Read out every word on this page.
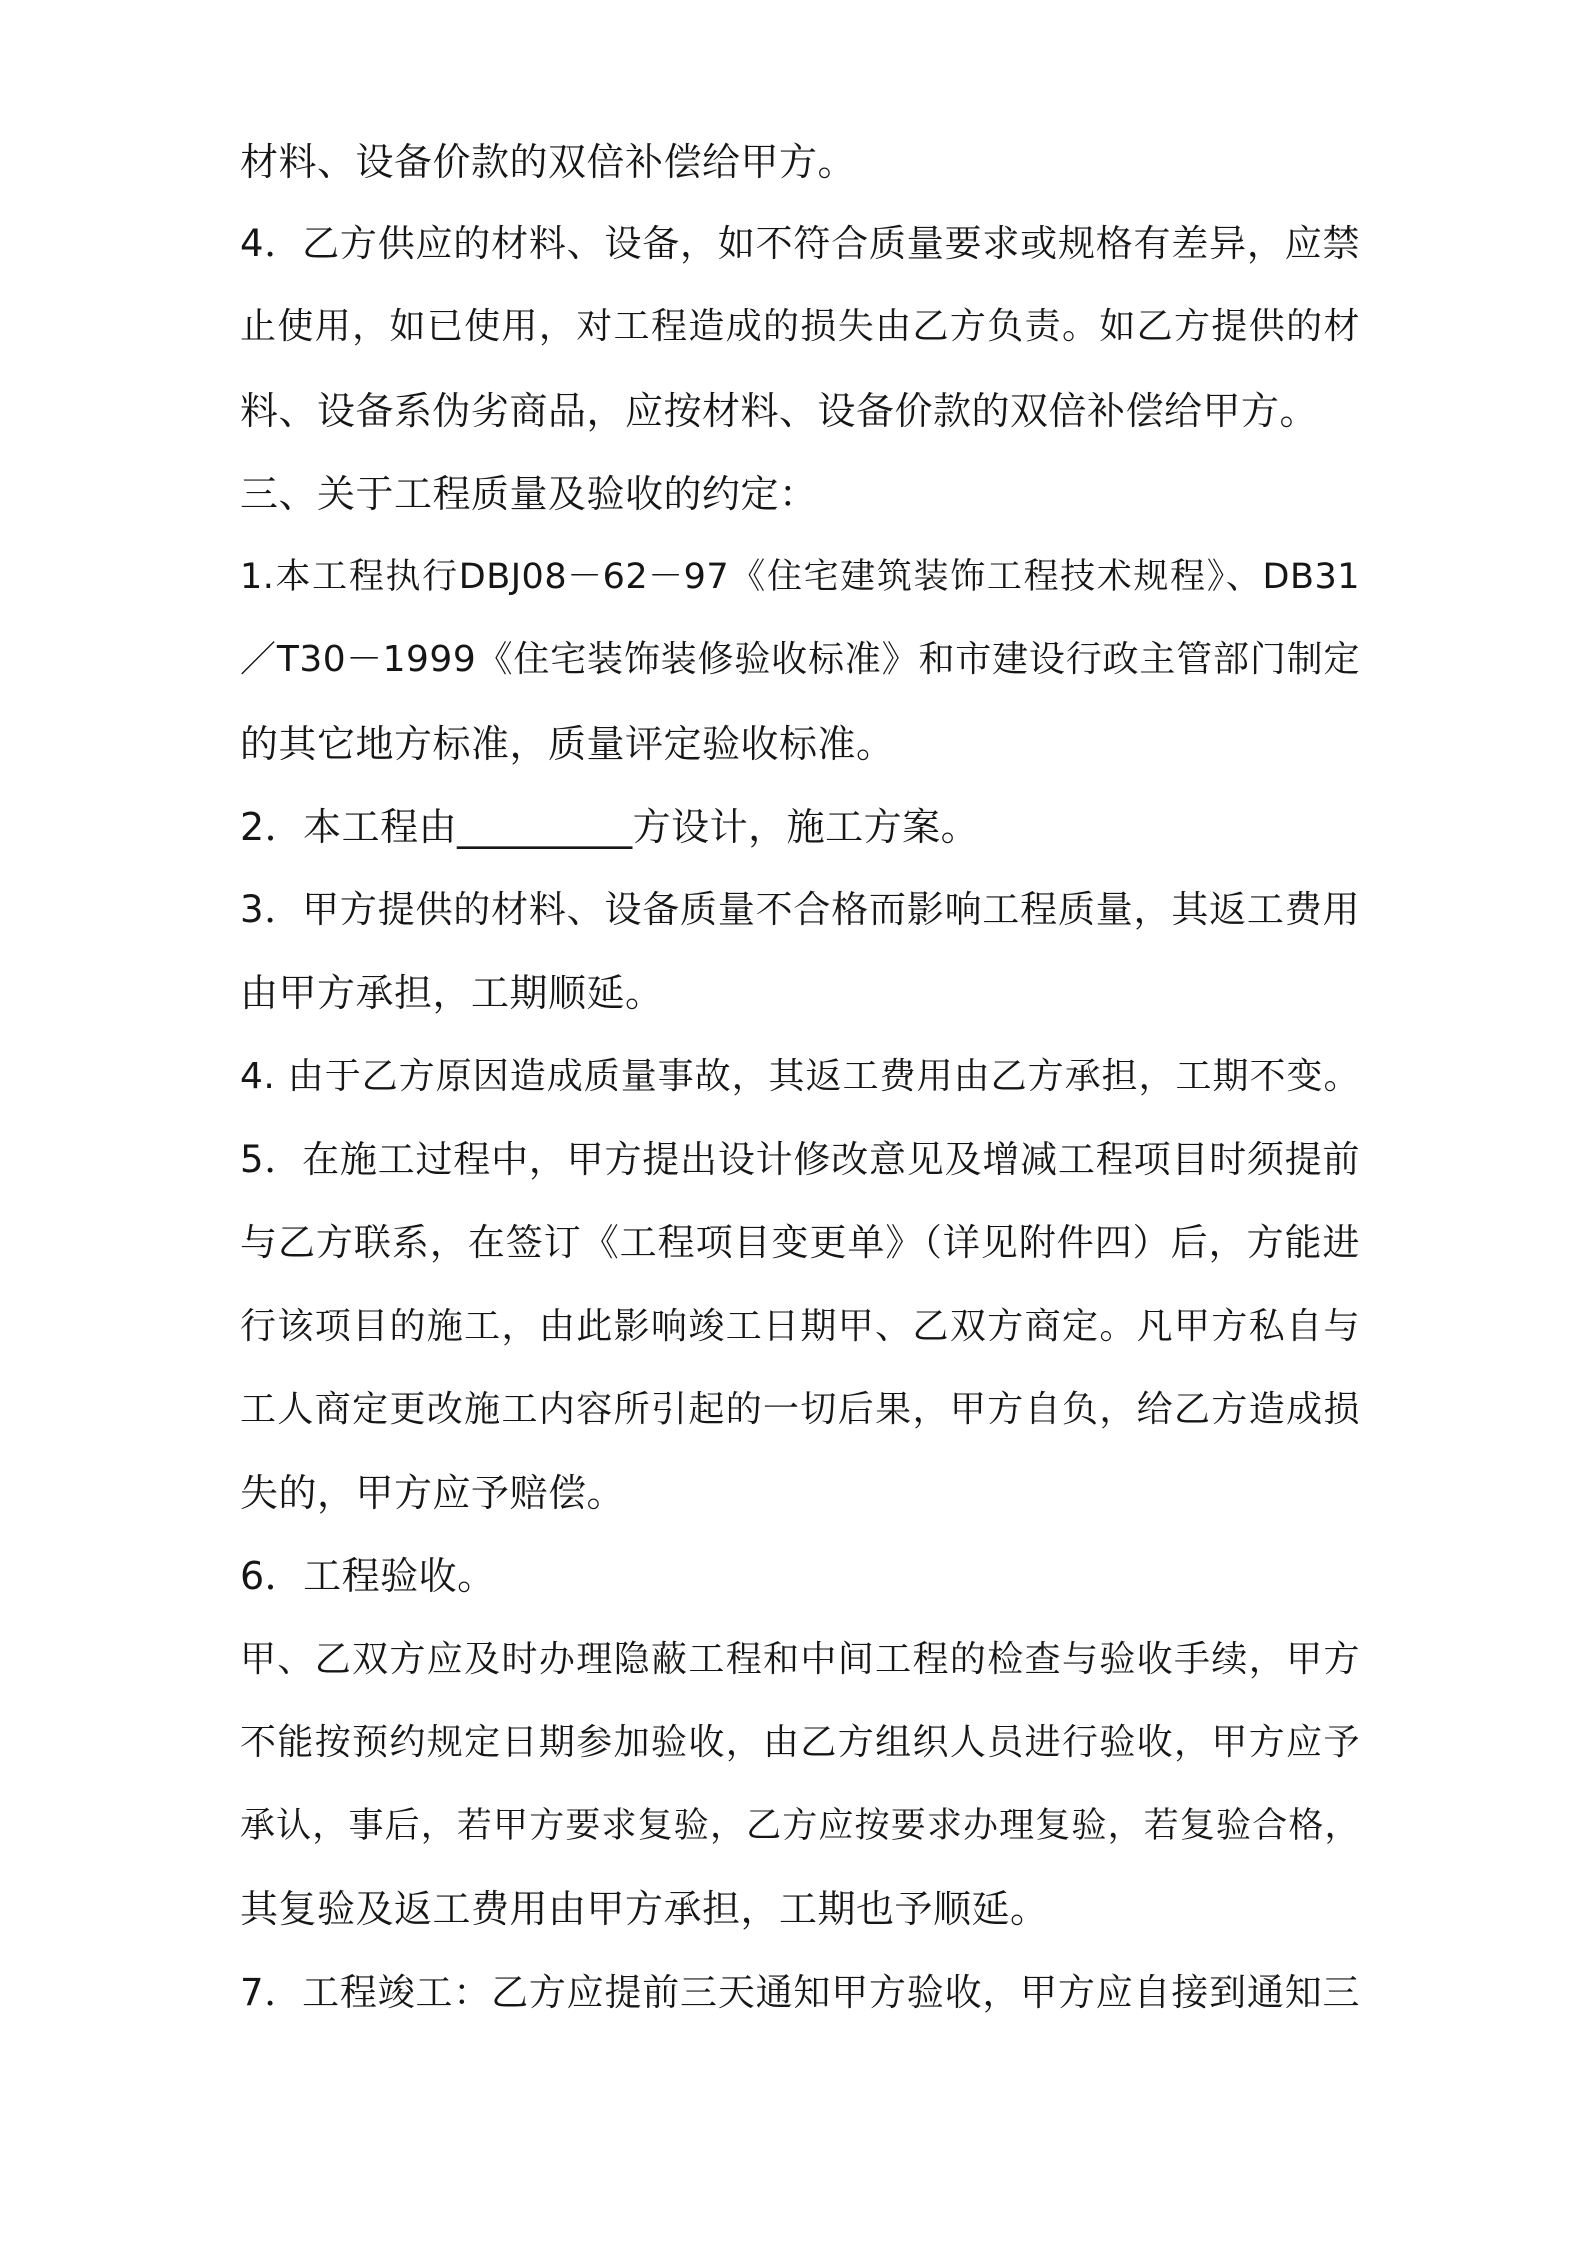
材料、设备价款的双倍补偿给甲方。
4．乙方供应的材料、设备，如不符合质量要求或规格有差异，应禁
止使用，如已使用，对工程造成的损失由乙方负责。如乙方提供的材
料、设备系伪劣商品，应按材料、设备价款的双倍补偿给甲方。
三、关于工程质量及验收的约定：
1.本工程执行DBJ08－62－97《住宅建筑装饰工程技术规程》、DB31
／T30－1999《住宅装饰装修验收标准》和市建设行政主管部门制定
的其它地方标准，质量评定验收标准。
2．本工程由_________方设计，施工方案。
3．甲方提供的材料、设备质量不合格而影响工程质量，其返工费用
由甲方承担，工期顺延。
4. 由于乙方原因造成质量事故，其返工费用由乙方承担，工期不变。
5．在施工过程中，甲方提出设计修改意见及增减工程项目时须提前
与乙方联系，在签订《工程项目变更单》（详见附件四）后，方能进
行该项目的施工，由此影响竣工日期甲、乙双方商定。凡甲方私自与
工人商定更改施工内容所引起的一切后果，甲方自负，给乙方造成损
失的，甲方应予赔偿。
6．工程验收。
甲、乙双方应及时办理隐蔽工程和中间工程的检查与验收手续，甲方
不能按预约规定日期参加验收，由乙方组织人员进行验收，甲方应予
承认，事后，若甲方要求复验，乙方应按要求办理复验，若复验合格，
其复验及返工费用由甲方承担，工期也予顺延。
7．工程竣工：乙方应提前三天通知甲方验收，甲方应自接到通知三
